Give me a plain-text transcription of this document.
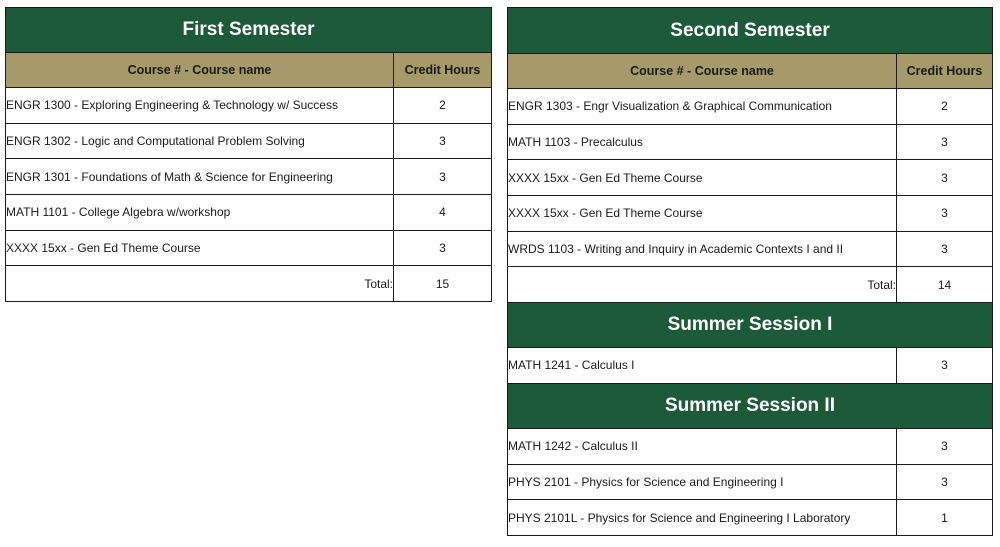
First Semester	
Course # - Course name	Credit Hours
ENGR 1300 - Exploring Engineering & Technology w/ Success	2
ENGR 1302 - Logic and Computational Problem Solving	3
ENGR 1301 - Foundations of Math & Science for Engineering	3
MATH 1101 - College Algebra w/workshop	4
XXXX 15xx - Gen Ed Theme Course	3
Total:	15
Second Semester	
Course # - Course name	Credit Hours
ENGR 1303 - Engr Visualization & Graphical Communication	2
MATH 1103 - Precalculus	3
XXXX 15xx - Gen Ed Theme Course	3
XXXX 15xx - Gen Ed Theme Course	3
WRDS 1103 - Writing and Inquiry in Academic Contexts I and II	3
Total:	14
Summer Session I	
MATH 1241 - Calculus I	3
Summer Session II	
MATH 1242 - Calculus II	3
PHYS 2101 - Physics for Science and Engineering I	3
PHYS 2101L - Physics for Science and Engineering I Laboratory	1
